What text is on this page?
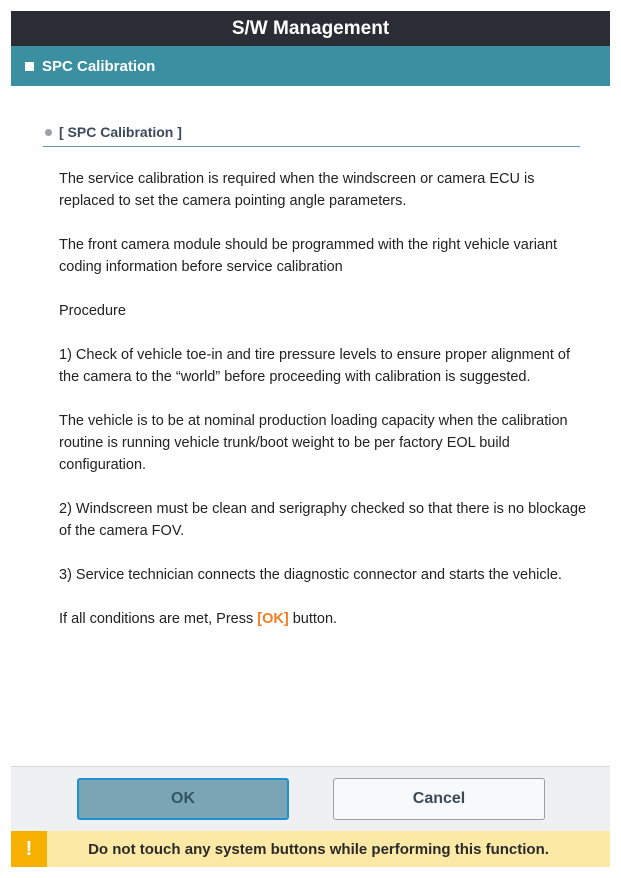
S/W Management
SPC Calibration
[ SPC Calibration ]

The service calibration is required when the windscreen or camera ECU is replaced to set the camera pointing angle parameters.

The front camera module should be programmed with the right vehicle variant coding information before service calibration

Procedure

1) Check of vehicle toe-in and tire pressure levels to ensure proper alignment of the camera to the “world” before proceeding with calibration is suggested.

The vehicle is to be at nominal production loading capacity when the calibration routine is running vehicle trunk/boot weight to be per factory EOL build configuration.

2) Windscreen must be clean and serigraphy checked so that there is no blockage of the camera FOV.

3) Service technician connects the diagnostic connector and starts the vehicle.

If all conditions are met, Press [OK] button.

OK	Cancel
!	Do not touch any system buttons while performing this function.
